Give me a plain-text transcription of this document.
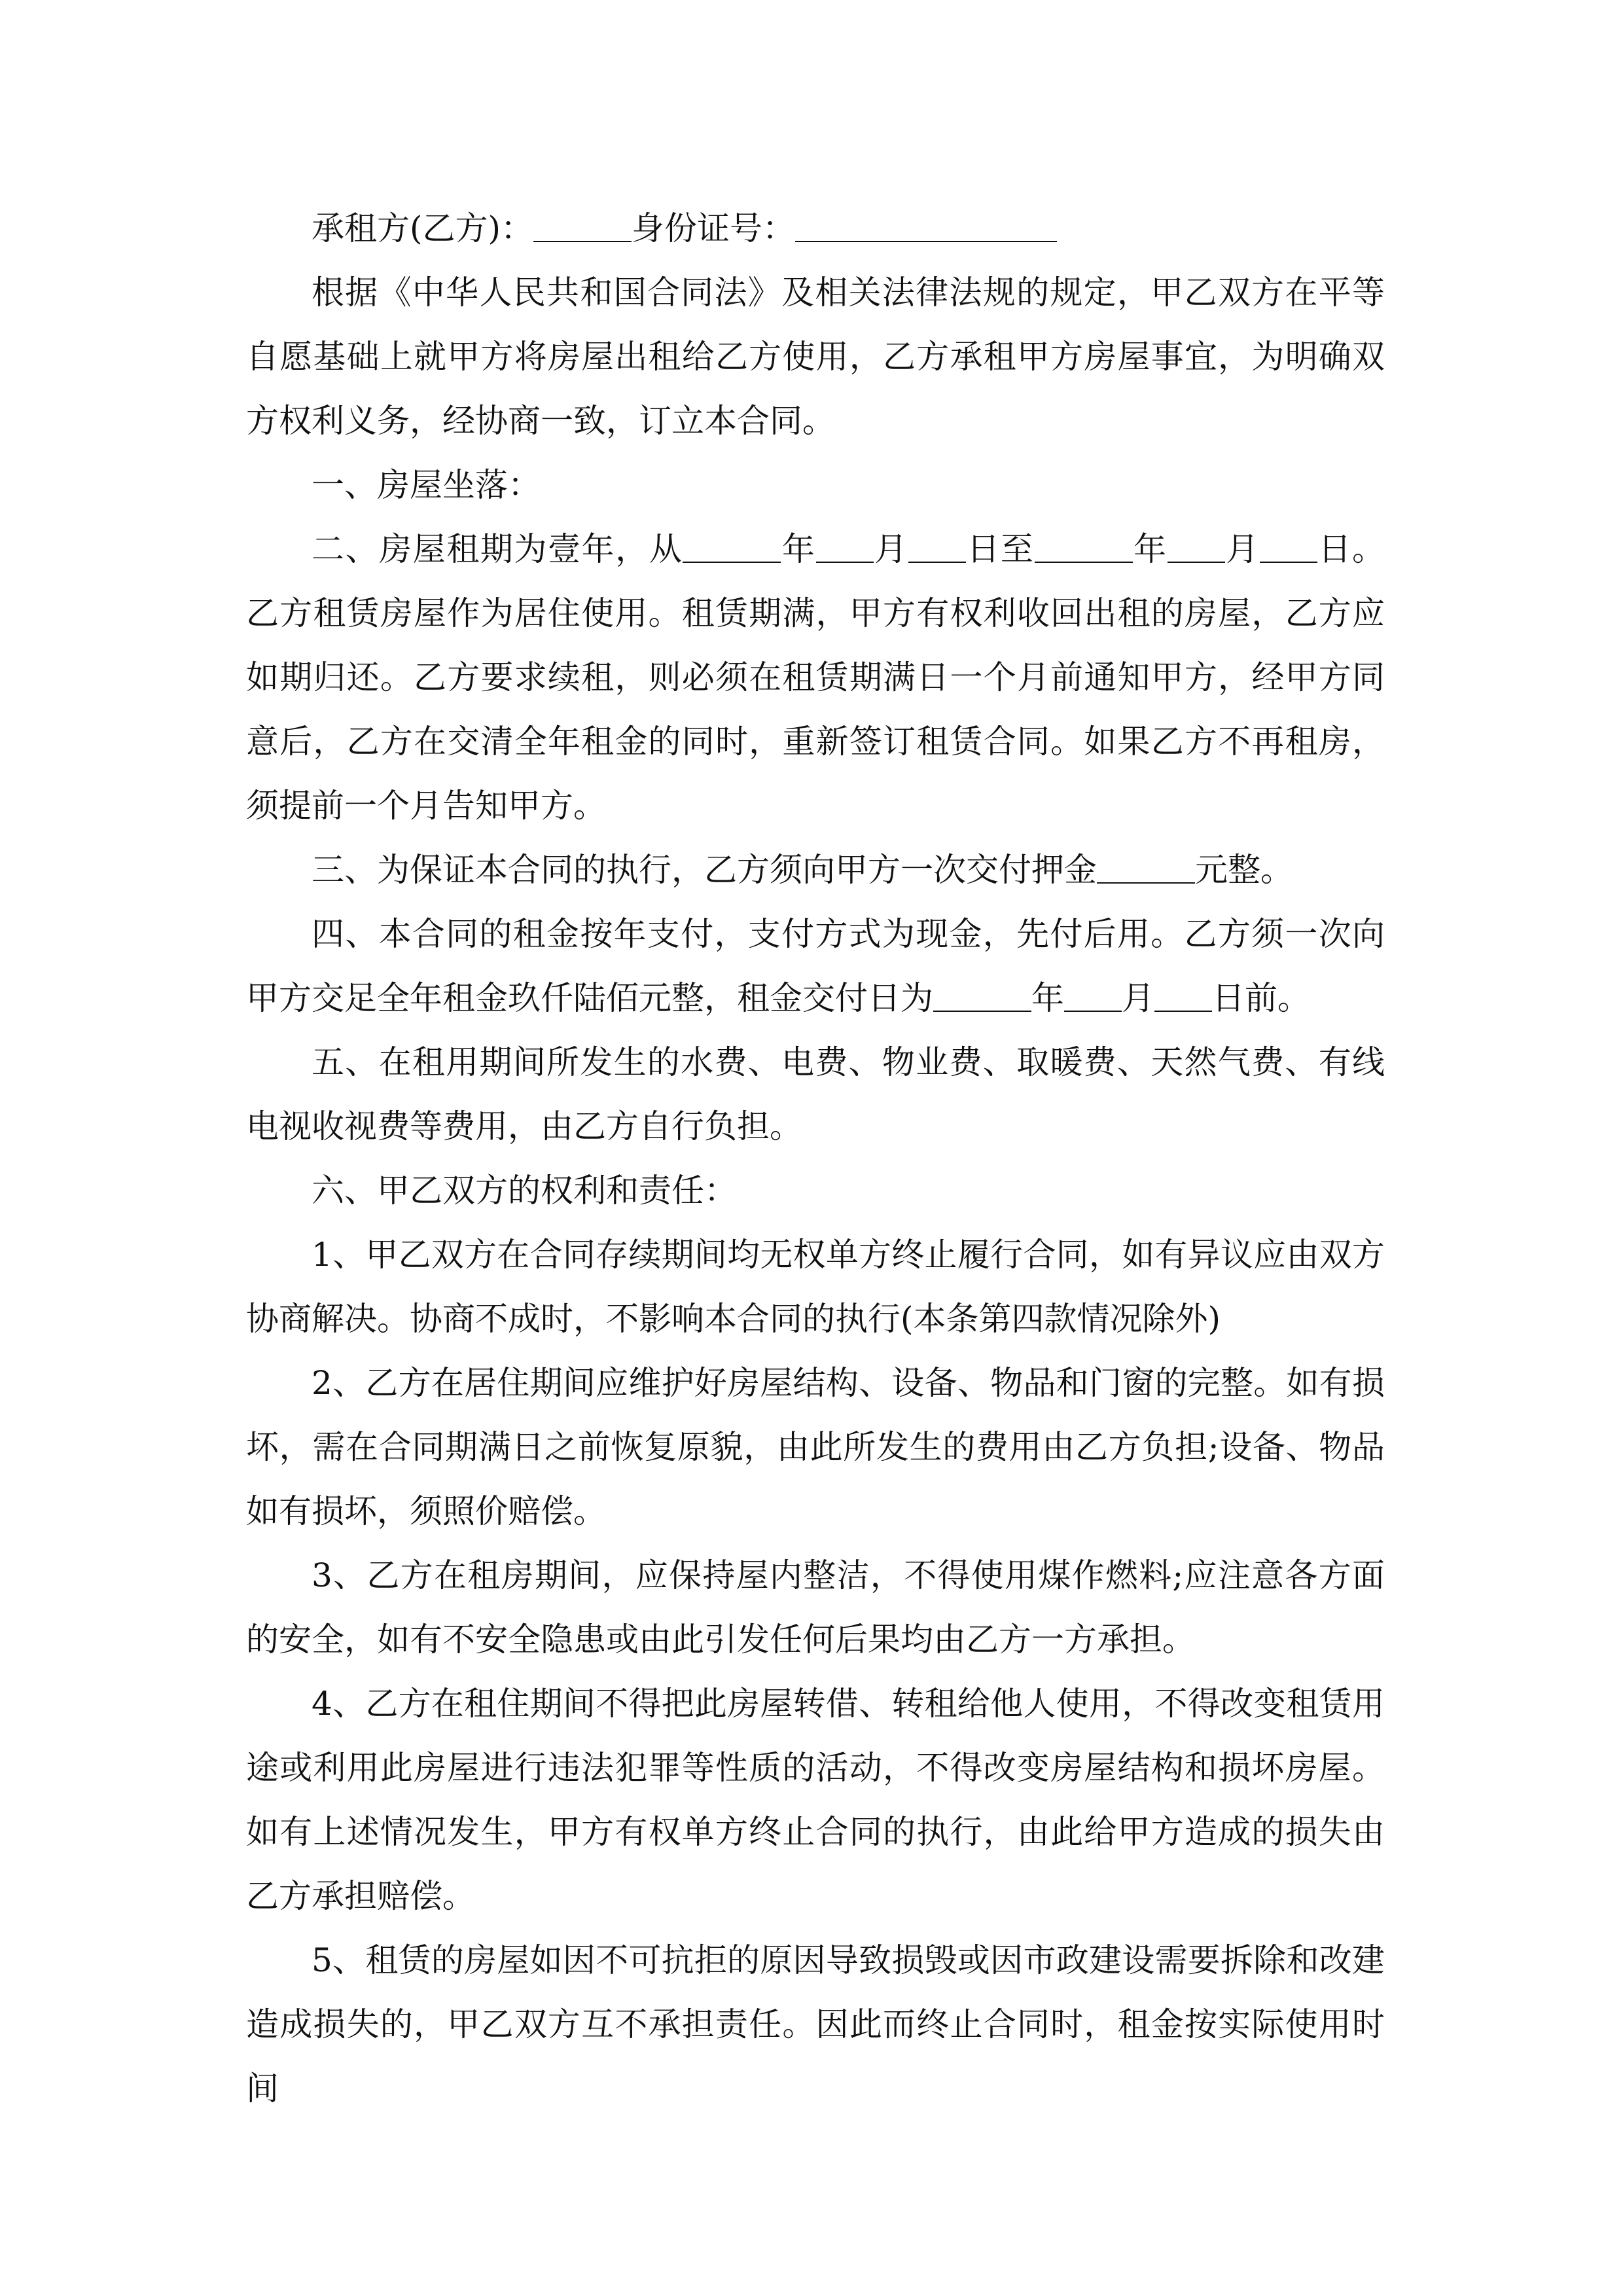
承租方(乙方)：	身份证号：

根据《中华人民共和国合同法》及相关法律法规的规定，甲乙双方在平等自愿基础上就甲方将房屋出租给乙方使用，乙方承租甲方房屋事宜，为明确双方权利义务，经协商一致，订立本合同。

一、房屋坐落：

二、房屋租期为壹年，从	年 月 日至	年 月 日。乙方租赁房屋作为居住使用。租赁期满，甲方有权利收回出租的房屋，乙方应如期归还。乙方要求续租，则必须在租赁期满日一个月前通知甲方，经甲方同意后，乙方在交清全年租金的同时，重新签订租赁合同。如果乙方不再租房，须提前一个月告知甲方。

三、为保证本合同的执行，乙方须向甲方一次交付押金	元整。

四、本合同的租金按年支付，支付方式为现金，先付后用。乙方须一次向甲方交足全年租金玖仟陆佰元整，租金交付日为	年 月 日前。

五、在租用期间所发生的水费、电费、物业费、取暖费、天然气费、有线电视收视费等费用，由乙方自行负担。

六、甲乙双方的权利和责任：

1、甲乙双方在合同存续期间均无权单方终止履行合同，如有异议应由双方协商解决。协商不成时，不影响本合同的执行(本条第四款情况除外)

2、乙方在居住期间应维护好房屋结构、设备、物品和门窗的完整。如有损坏，需在合同期满日之前恢复原貌，由此所发生的费用由乙方负担;设备、物品如有损坏，须照价赔偿。

3、乙方在租房期间，应保持屋内整洁，不得使用煤作燃料;应注意各方面的安全，如有不安全隐患或由此引发任何后果均由乙方一方承担。

4、乙方在租住期间不得把此房屋转借、转租给他人使用，不得改变租赁用途或利用此房屋进行违法犯罪等性质的活动，不得改变房屋结构和损坏房屋。如有上述情况发生，甲方有权单方终止合同的执行，由此给甲方造成的损失由乙方承担赔偿。

5、租赁的房屋如因不可抗拒的原因导致损毁或因市政建设需要拆除和改建造成损失的，甲乙双方互不承担责任。因此而终止合同时，租金按实际使用时间
